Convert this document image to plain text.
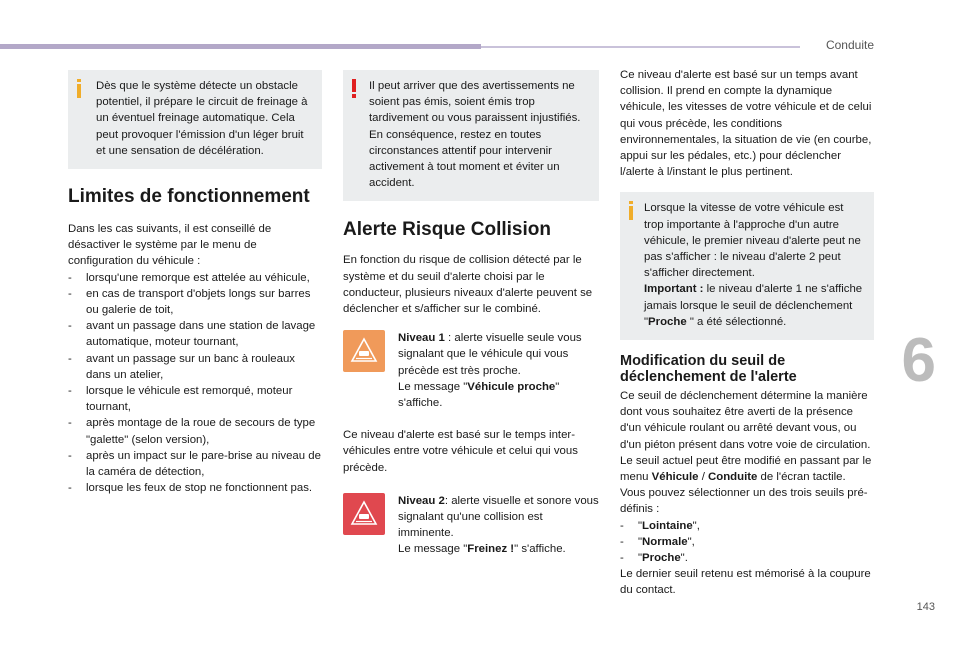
Conduite
6
143

Dès que le système détecte un obstacle potentiel, il prépare le circuit de freinage à un éventuel freinage automatique. Cela peut provoquer l'émission d'un léger bruit et une sensation de décélération.

Limites de fonctionnement

Dans les cas suivants, il est conseillé de désactiver le système par le menu de configuration du véhicule :

- lorsqu'une remorque est attelée au véhicule,
- en cas de transport d'objets longs sur barres ou galerie de toit,
- avant un passage dans une station de lavage automatique, moteur tournant,
- avant un passage sur un banc à rouleaux dans un atelier,
- lorsque le véhicule est remorqué, moteur tournant,
- après montage de la roue de secours de type "galette" (selon version),
- après un impact sur le pare-brise au niveau de la caméra de détection,
- lorsque les feux de stop ne fonctionnent pas.

Il peut arriver que des avertissements ne soient pas émis, soient émis trop tardivement ou vous paraissent injustifiés. En conséquence, restez en toutes circonstances attentif pour intervenir activement à tout moment et éviter un accident.

Alerte Risque Collision

En fonction du risque de collision détecté par le système et du seuil d'alerte choisi par le conducteur, plusieurs niveaux d'alerte peuvent se déclencher et s/afficher sur le combiné.

Niveau 1 : alerte visuelle seule vous signalant que le véhicule qui vous précède est très proche.

Le message "Véhicule proche" s'affiche.

Ce niveau d'alerte est basé sur le temps inter-véhicules entre votre véhicule et celui qui vous précède.

Niveau 2: alerte visuelle et sonore vous signalant qu'une collision est imminente.

Le message "Freinez !" s'affiche.

Ce niveau d'alerte est basé sur un temps avant collision. Il prend en compte la dynamique véhicule, les vitesses de votre véhicule et de celui qui vous précède, les conditions environnementales, la situation de vie (en courbe, appui sur les pédales, etc.) pour déclencher l/alerte à l/instant le plus pertinent.

Lorsque la vitesse de votre véhicule est trop importante à l'approche d'un autre véhicule, le premier niveau d'alerte peut ne pas s'afficher : le niveau d'alerte 2 peut s'afficher directement.

Important : le niveau d'alerte 1 ne s'affiche jamais lorsque le seuil de déclenchement "Proche " a été sélectionné.

Modification du seuil de déclenchement de l'alerte

Ce seuil de déclenchement détermine la manière dont vous souhaitez être averti de la présence d'un véhicule roulant ou arrêté devant vous, ou d'un piéton présent dans votre voie de circulation.

Le seuil actuel peut être modifié en passant par le menu Véhicule / Conduite de l'écran tactile.

Vous pouvez sélectionner un des trois seuils pré-définis :

- "Lointaine",
- "Normale",
- "Proche".

Le dernier seuil retenu est mémorisé à la coupure du contact.
